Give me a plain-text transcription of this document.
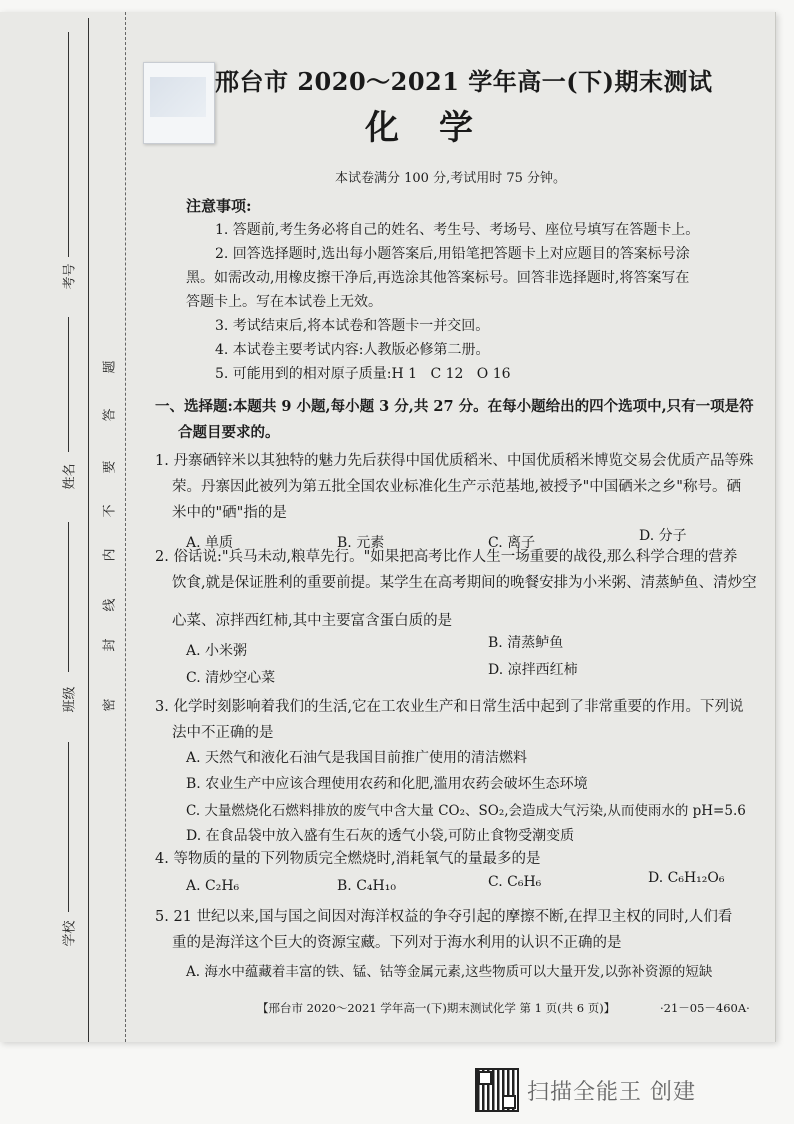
考号
姓名
班级
学校
密
封
线
内
不
要
答
题
邢台市 2020～2021 学年高一(下)期末测试
化学
本试卷满分 100 分,考试用时 75 分钟。
注意事项:
1. 答题前,考生务必将自己的姓名、考生号、考场号、座位号填写在答题卡上。
2. 回答选择题时,选出每小题答案后,用铅笔把答题卡上对应题目的答案标号涂
黑。如需改动,用橡皮擦干净后,再选涂其他答案标号。回答非选择题时,将答案写在
答题卡上。写在本试卷上无效。
3. 考试结束后,将本试卷和答题卡一并交回。
4. 本试卷主要考试内容:人教版必修第二册。
5. 可能用到的相对原子质量:H 1   C 12   O 16
一、选择题:本题共 9 小题,每小题 3 分,共 27 分。在每小题给出的四个选项中,只有一项是符
合题目要求的。
1. 丹寨硒锌米以其独特的魅力先后获得中国优质稻米、中国优质稻米博览交易会优质产品等殊
荣。丹寨因此被列为第五批全国农业标准化生产示范基地,被授予"中国硒米之乡"称号。硒
米中的"硒"指的是
A. 单质	B. 元素	C. 离子	D. 分子
2. 俗话说:"兵马未动,粮草先行。"如果把高考比作人生一场重要的战役,那么科学合理的营养
饮食,就是保证胜利的重要前提。某学生在高考期间的晚餐安排为小米粥、清蒸鲈鱼、清炒空
心菜、凉拌西红柿,其中主要富含蛋白质的是
A. 小米粥	B. 清蒸鲈鱼
C. 清炒空心菜	D. 凉拌西红柿
3. 化学时刻影响着我们的生活,它在工农业生产和日常生活中起到了非常重要的作用。下列说
法中不正确的是
A. 天然气和液化石油气是我国目前推广使用的清洁燃料
B. 农业生产中应该合理使用农药和化肥,滥用农药会破坏生态环境
C. 大量燃烧化石燃料排放的废气中含大量 CO₂、SO₂,会造成大气污染,从而使雨水的 pH=5.6
D. 在食品袋中放入盛有生石灰的透气小袋,可防止食物受潮变质
4. 等物质的量的下列物质完全燃烧时,消耗氧气的量最多的是
A. C₂H₆	B. C₄H₁₀	C. C₆H₆	D. C₆H₁₂O₆
5. 21 世纪以来,国与国之间因对海洋权益的争夺引起的摩擦不断,在捍卫主权的同时,人们看
重的是海洋这个巨大的资源宝藏。下列对于海水利用的认识不正确的是
A. 海水中蕴藏着丰富的铁、锰、钴等金属元素,这些物质可以大量开发,以弥补资源的短缺
【邢台市 2020～2021 学年高一(下)期末测试化学 第 1 页(共 6 页)】	·21－05－460A·
扫描全能王 创建
